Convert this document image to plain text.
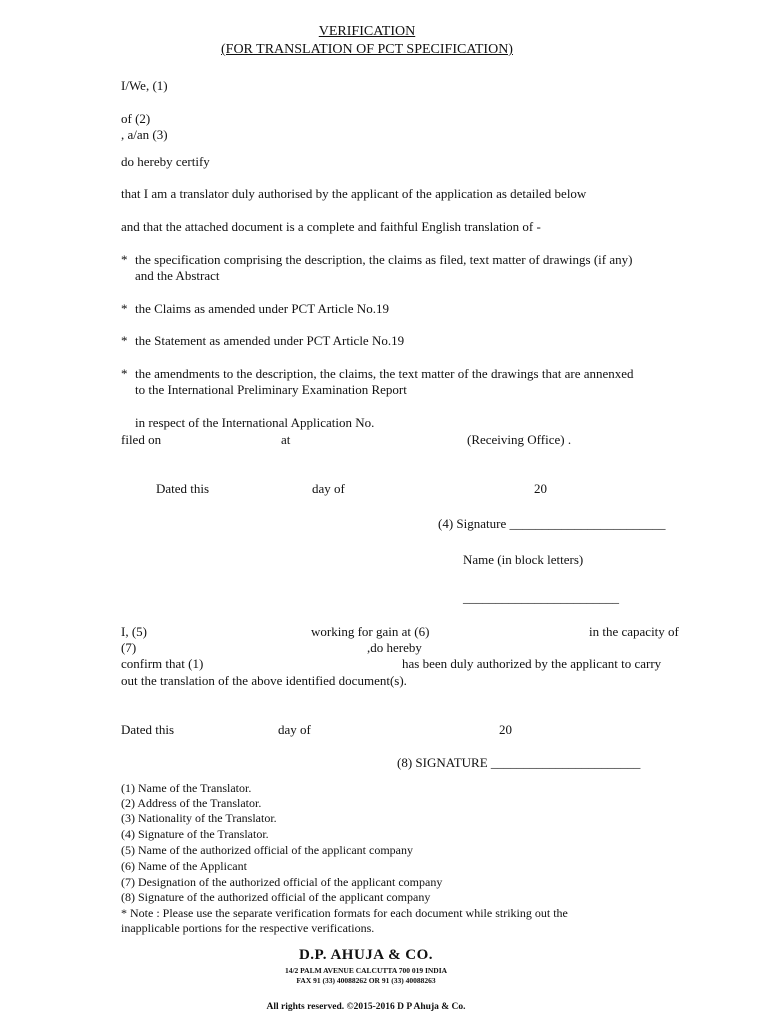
VERIFICATION
(FOR TRANSLATION OF PCT SPECIFICATION)
I/We, (1)
of (2)
, a/an (3)
do hereby certify
that I am a translator duly authorised by the applicant of the application as detailed below
and that the attached document is a complete and faithful English translation of -
* the specification comprising the description, the claims as filed, text matter of drawings (if any)
and the Abstract
* the Claims as amended under PCT Article No.19
* the Statement as amended under PCT Article No.19
* the amendments to the description, the claims, the text matter of the drawings that are annenxed
to the International Preliminary Examination Report
in respect of the International Application No.
filed on	at	(Receiving Office) .
Dated this	day of	20
(4) Signature ________________________
Name (in block letters)
________________________
I, (5)	working for gain at (6)	in the capacity of
(7)	,do hereby
confirm that (1)	has been duly authorized by the applicant to carry
out the translation of the above identified document(s).
Dated this	day of	20
(8) SIGNATURE _______________________
(1) Name of the Translator.
(2) Address of the Translator.
(3) Nationality of the Translator.
(4) Signature of the Translator.
(5) Name of the authorized official of the applicant company
(6) Name of the Applicant
(7) Designation of the authorized official of the applicant company
(8) Signature of the authorized official of the applicant company
* Note : Please use the separate verification formats for each document while striking out the
inapplicable portions for the respective verifications.
D.P. AHUJA & CO.
14/2 PALM AVENUE CALCUTTA 700 019 INDIA
FAX 91 (33) 40088262 OR 91 (33) 40088263
All rights reserved. ©2015-2016 D P Ahuja & Co.
